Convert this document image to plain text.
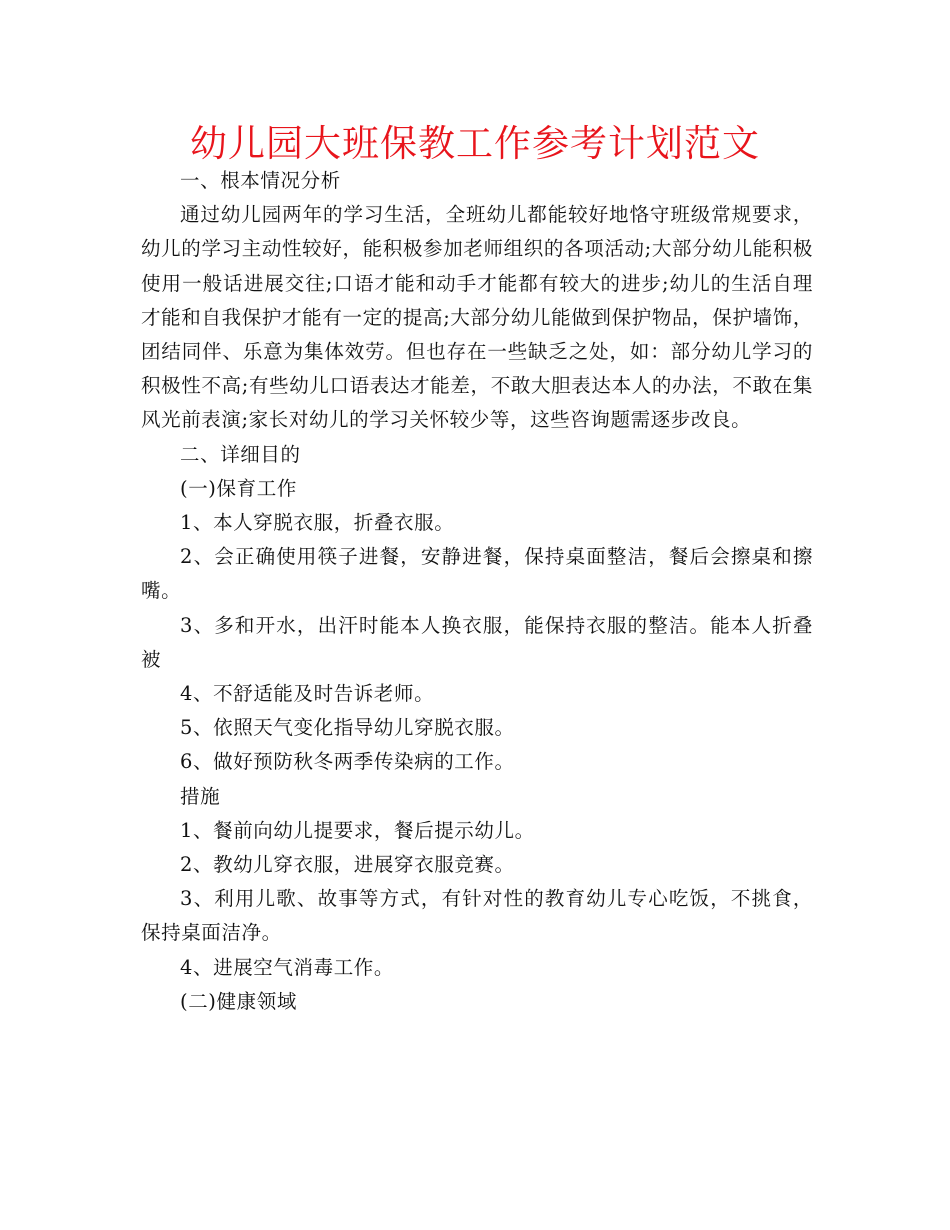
幼儿园大班保教工作参考计划范文

一、根本情况分析

通过幼儿园两年的学习生活，全班幼儿都能较好地恪守班级常规要求，幼儿的学习主动性较好，能积极参加老师组织的各项活动;大部分幼儿能积极使用一般话进展交往;口语才能和动手才能都有较大的进步;幼儿的生活自理才能和自我保护才能有一定的提高;大部分幼儿能做到保护物品，保护墙饰，团结同伴、乐意为集体效劳。但也存在一些缺乏之处，如：部分幼儿学习的积极性不高;有些幼儿口语表达才能差，不敢大胆表达本人的办法，不敢在集风光前表演;家长对幼儿的学习关怀较少等，这些咨询题需逐步改良。

二、详细目的

(一)保育工作

1、本人穿脱衣服，折叠衣服。

2、会正确使用筷子进餐，安静进餐，保持桌面整洁，餐后会擦桌和擦嘴。

3、多和开水，出汗时能本人换衣服，能保持衣服的整洁。能本人折叠被

4、不舒适能及时告诉老师。

5、依照天气变化指导幼儿穿脱衣服。

6、做好预防秋冬两季传染病的工作。

措施

1、餐前向幼儿提要求，餐后提示幼儿。

2、教幼儿穿衣服，进展穿衣服竞赛。

3、利用儿歌、故事等方式，有针对性的教育幼儿专心吃饭，不挑食，保持桌面洁净。

4、进展空气消毒工作。

(二)健康领域
